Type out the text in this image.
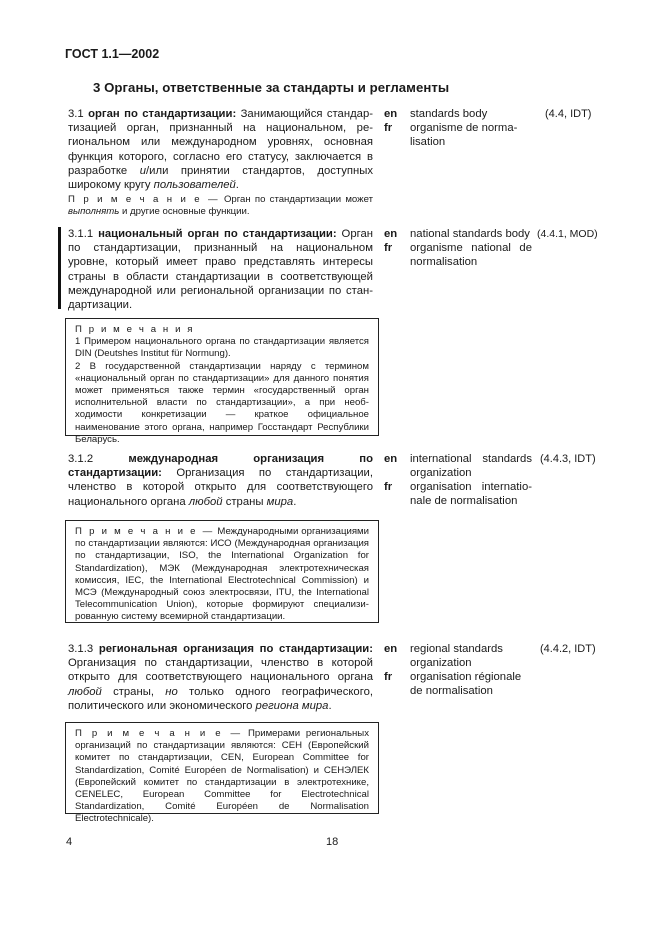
ГОСТ 1.1—2002
3 Органы, ответственные за стандарты и регламенты
3.1 орган по стандартизации: Занимающийся стандартизацией орган, признанный на национальном, региональном или международном уровнях, основная функция которого, согласно его статусу, заключается в разработке и/или принятии стандартов, доступных широкому кругу пользователей.
en
fr
standards body
organisme de normalisation
(4.4, IDT)
П р и м е ч а н и е — Орган по стандартизации может выполнять и другие основные функции.
3.1.1 национальный орган по стандартизации: Орган по стандартизации, признанный на национальном уровне, который имеет право представлять интересы страны в области стандартизации в соответствующей международной или региональной организации по стандартизации.
en
fr
national standards body
organisme national de normalisation
(4.4.1, MOD)

П р и м е ч а н и я

1 Примером национального органа по стандартизации является DIN (Deutshes Institut für Normung).

2 В государственной стандартизации наряду с термином «национальный орган по стандартизации» для данного понятия может применяться также термин «государственный орган исполнительной власти по стандартизации», а при необходимости конкретизации — краткое официальное наименование этого органа, например Госстандарт Республики Беларусь.

3.1.2	международная организация по стандартизации: Организация по стандартизации, членство в которой открыто для соответствующего национального органа любой страны мира.
en
fr
international standards organization
organisation internationale de normalisation
(4.4.3, IDT)
П р и м е ч а н и е — Международными организациями по стандартизации являются: ИСО (Международная организация по стандартизации, ISO, the International Organization for Standardization), МЭК (Международная электротехническая комиссия, IEC, the International Electrotechnical Commission) и МСЭ (Международный союз электросвязи, ITU, the International Telecommunication Union), которые формируют специализированную систему всемирной стандартизации.
3.1.3 региональная организация по стандартизации: Организация по стандартизации, членство в которой открыто для соответствующего национального органа любой страны, но только одного географического, политического или экономического региона мира.
en
fr
regional standards organization
organisation régionale de normalisation
(4.4.2, IDT)
П р и м е ч а н и е — Примерами региональных организаций по стандартизации являются: CEH (Европейский комитет по стандартизации, CEN, European Committee for Standardization, Comité Européen de Normalisation) и CEHЭЛЕК (Европейский комитет по стандартизации в электротехнике, CENELEC, European Committee for Electrotechnical Standardization, Comité Européen de Normalisation Electrotechnicale).
4	18
